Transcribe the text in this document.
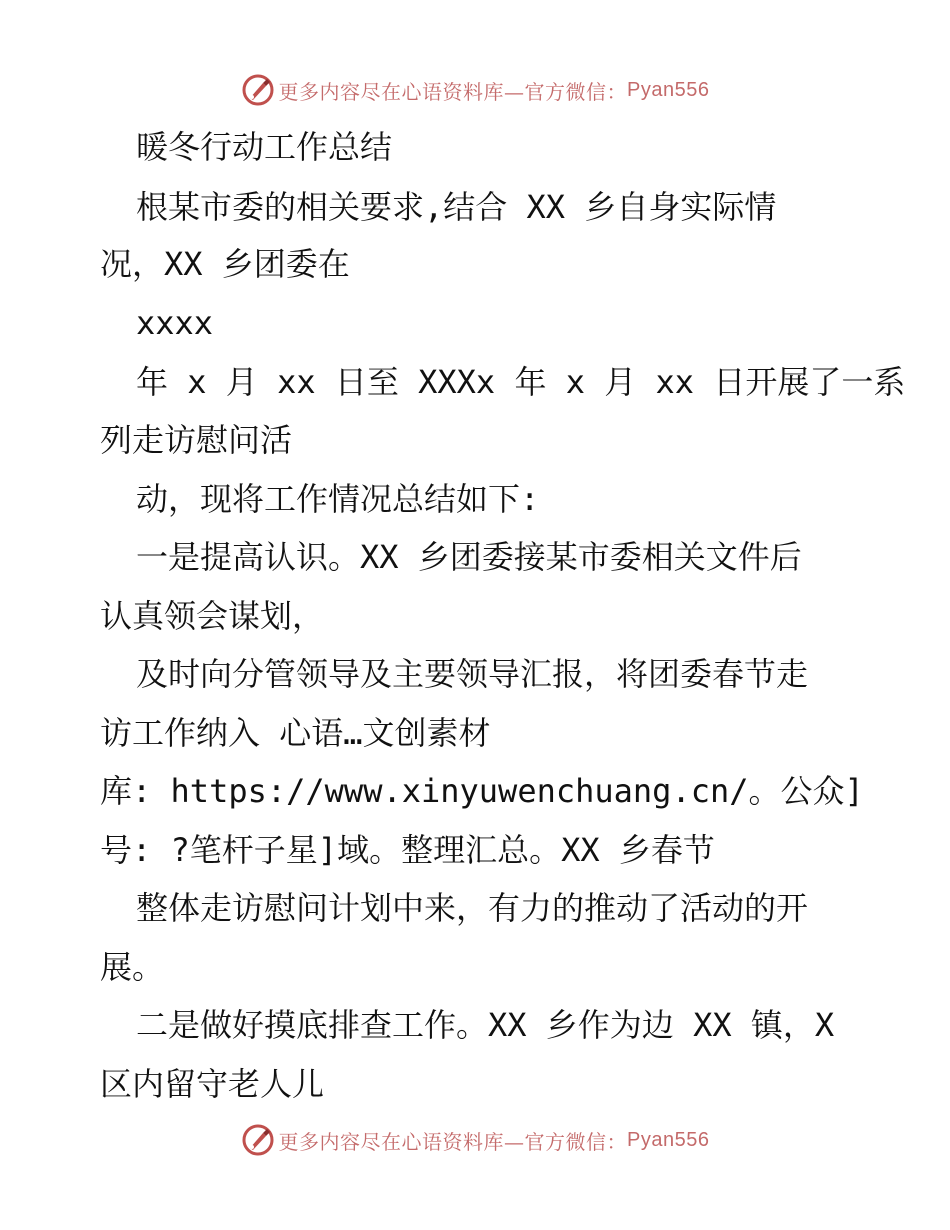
更多内容尽在心语资料库—官方微信： Pyan556
暖冬行动工作总结
根某市委的相关要求,结合 XX 乡自身实际情
况，XX 乡团委在
xxxx
年 x 月 xx 日至 XXXx 年 x 月 xx 日开展了一系
列走访慰问活
动，现将工作情况总结如下:
一是提高认识。XX 乡团委接某市委相关文件后
认真领会谋划，
及时向分管领导及主要领导汇报，将团委春节走
访工作纳入 心语…文创素材
库: https://www.xinyuwenchuang.cn/。公众]
号: ?笔杆子星]域。整理汇总。XX 乡春节
整体走访慰问计划中来，有力的推动了活动的开
展。
二是做好摸底排查工作。XX 乡作为边 XX 镇，X
区内留守老人儿
更多内容尽在心语资料库—官方微信： Pyan556
